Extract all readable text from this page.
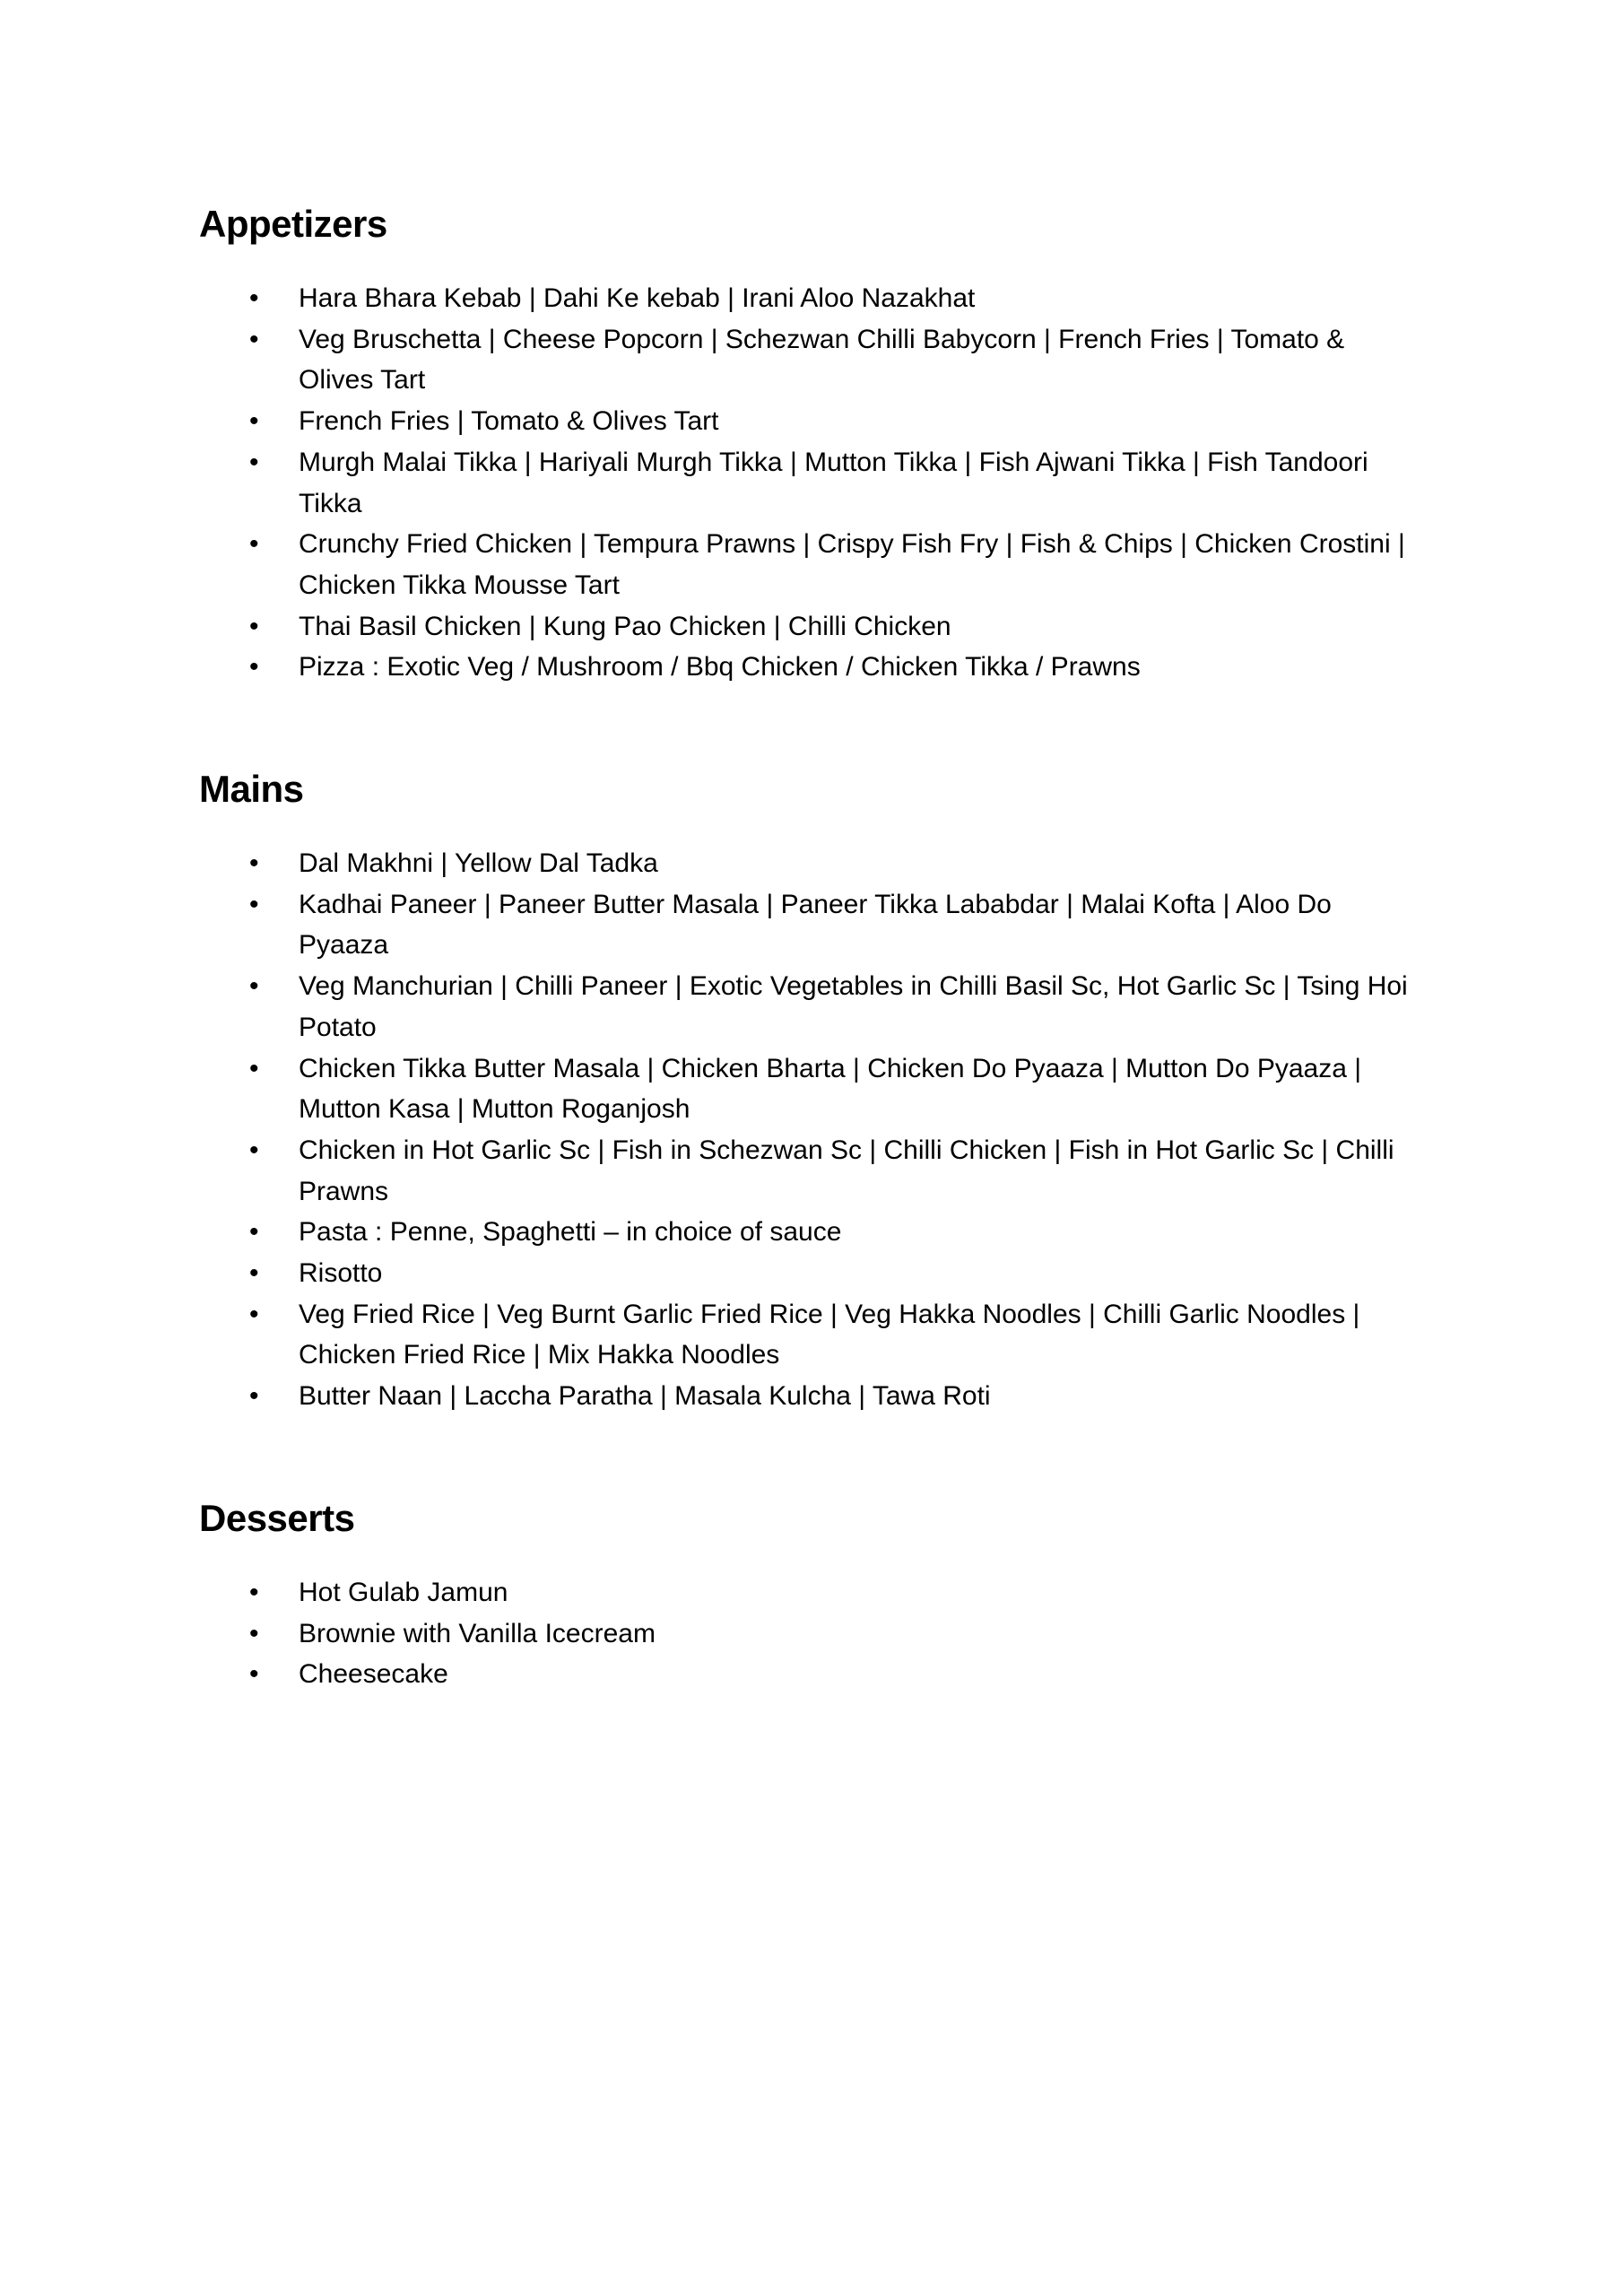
Appetizers
• Hara Bhara Kebab | Dahi Ke kebab | Irani Aloo Nazakhat
• Veg Bruschetta | Cheese Popcorn | Schezwan Chilli Babycorn | French Fries | Tomato & Olives Tart
• French Fries | Tomato & Olives Tart
• Murgh Malai Tikka | Hariyali Murgh Tikka | Mutton Tikka | Fish Ajwani Tikka | Fish Tandoori Tikka
• Crunchy Fried Chicken | Tempura Prawns | Crispy Fish Fry | Fish & Chips | Chicken Crostini | Chicken Tikka Mousse Tart
• Thai Basil Chicken | Kung Pao Chicken | Chilli Chicken
• Pizza : Exotic Veg / Mushroom / Bbq Chicken / Chicken Tikka / Prawns
Mains
• Dal Makhni | Yellow Dal Tadka
• Kadhai Paneer | Paneer Butter Masala | Paneer Tikka Lababdar | Malai Kofta | Aloo Do Pyaaza
• Veg Manchurian | Chilli Paneer | Exotic Vegetables in Chilli Basil Sc, Hot Garlic Sc | Tsing Hoi Potato
• Chicken Tikka Butter Masala | Chicken Bharta | Chicken Do Pyaaza | Mutton Do Pyaaza | Mutton Kasa | Mutton Roganjosh
• Chicken in Hot Garlic Sc | Fish in Schezwan Sc | Chilli Chicken | Fish in Hot Garlic Sc | Chilli Prawns
• Pasta : Penne, Spaghetti – in choice of sauce
• Risotto
• Veg Fried Rice | Veg Burnt Garlic Fried Rice | Veg Hakka Noodles | Chilli Garlic Noodles | Chicken Fried Rice | Mix Hakka Noodles
• Butter Naan | Laccha Paratha | Masala Kulcha | Tawa Roti
Desserts
• Hot Gulab Jamun
• Brownie with Vanilla Icecream
• Cheesecake
